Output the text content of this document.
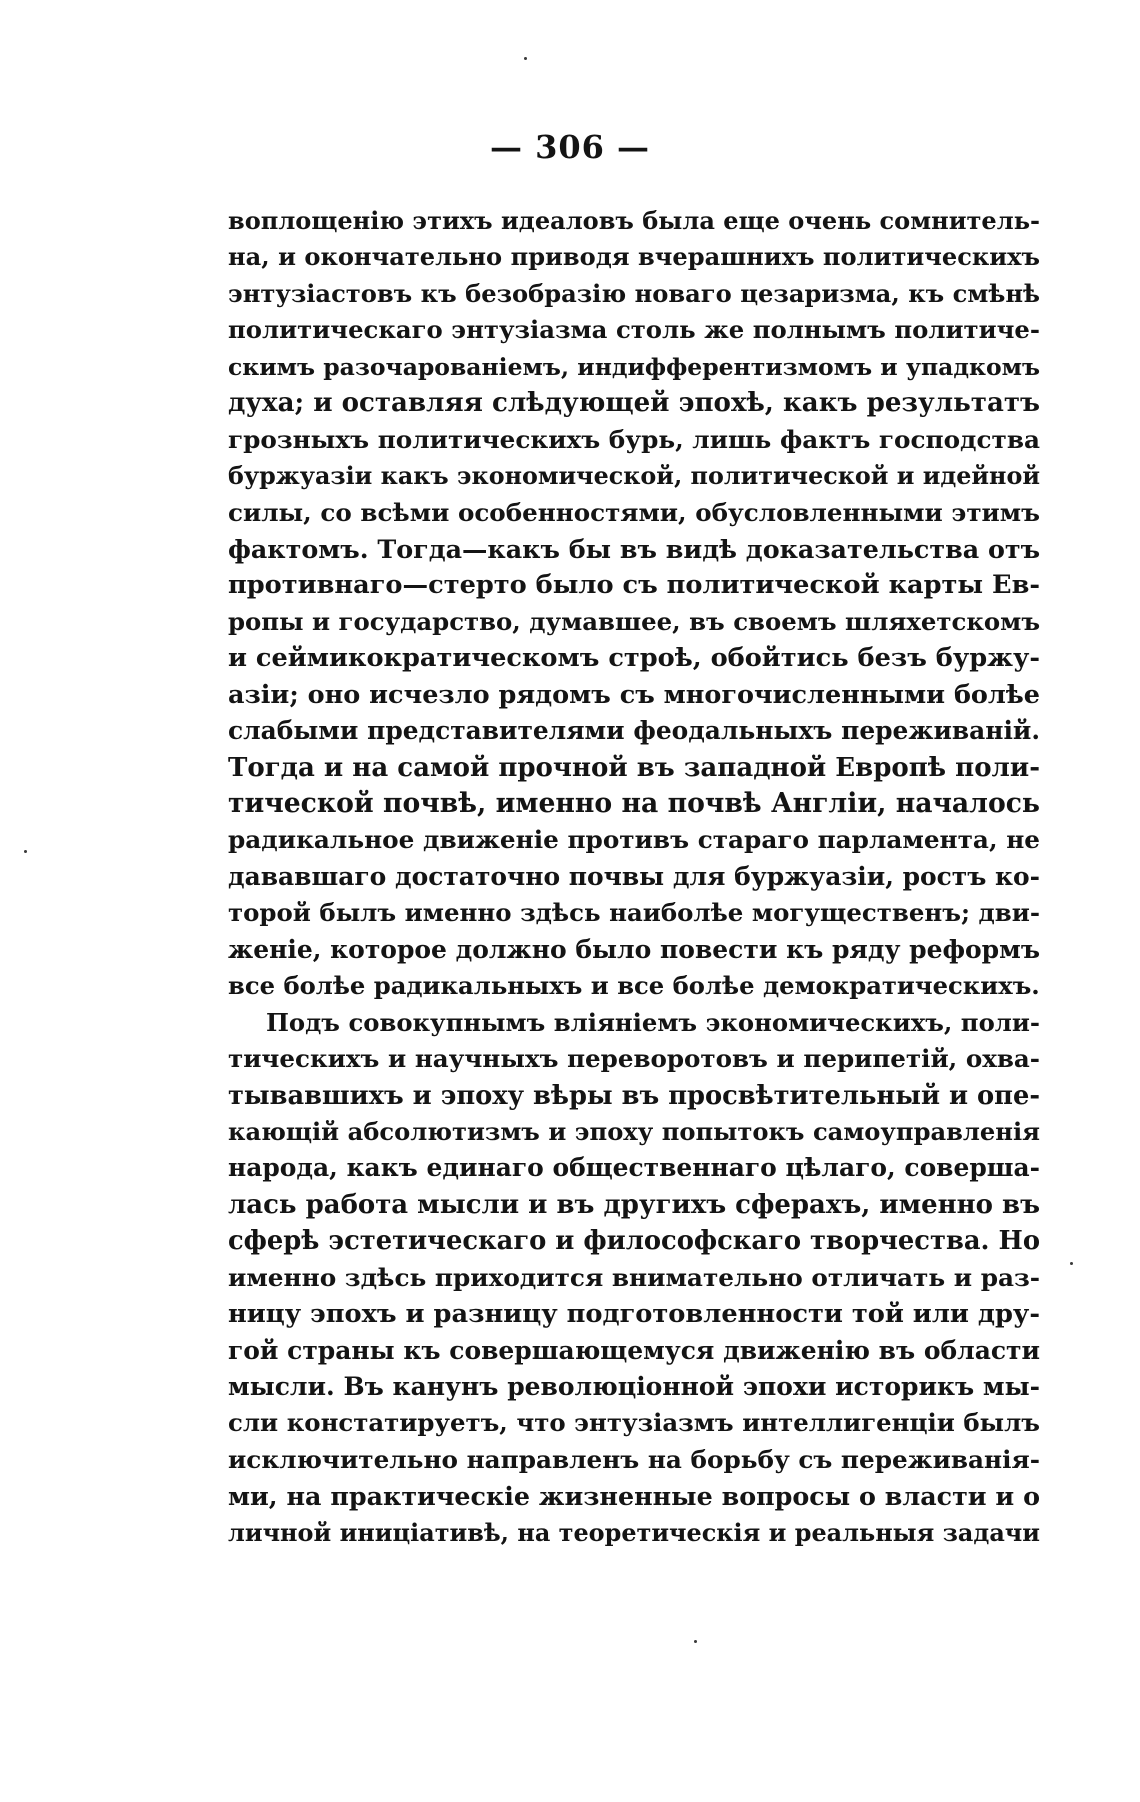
— 306 —
воплощенію этихъ идеаловъ была еще очень сомнитель-
на, и окончательно приводя вчерашнихъ политическихъ
энтузіастовъ къ безобразію новаго цезаризма, къ смѣнѣ
политическаго энтузіазма столь же полнымъ политиче-
скимъ разочарованіемъ, индифферентизмомъ и упадкомъ
духа; и оставляя слѣдующей эпохѣ, какъ результатъ
грозныхъ политическихъ бурь, лишь фактъ господства
буржуазіи какъ экономической, политической и идейной
силы, со всѣми особенностями, обусловленными этимъ
фактомъ. Тогда—какъ бы въ видѣ доказательства отъ
противнаго—стерто было съ политической карты Ев-
ропы и государство, думавшее, въ своемъ шляхетскомъ
и сеймикократическомъ строѣ, обойтись безъ буржу-
азіи; оно исчезло рядомъ съ многочисленными болѣе
слабыми представителями феодальныхъ переживаній.
Тогда и на самой прочной въ западной Европѣ поли-
тической почвѣ, именно на почвѣ Англіи, началось
радикальное движеніе противъ стараго парламента, не
дававшаго достаточно почвы для буржуазіи, ростъ ко-
торой былъ именно здѣсь наиболѣе могущественъ; дви-
женіе, которое должно было повести къ ряду реформъ
все болѣе радикальныхъ и все болѣе демократическихъ.
Подъ совокупнымъ вліяніемъ экономическихъ, поли-
тическихъ и научныхъ переворотовъ и перипетій, охва-
тывавшихъ и эпоху вѣры въ просвѣтительный и опе-
кающій абсолютизмъ и эпоху попытокъ самоуправленія
народа, какъ единаго общественнаго цѣлаго, соверша-
лась работа мысли и въ другихъ сферахъ, именно въ
сферѣ эстетическаго и философскаго творчества. Но
именно здѣсь приходится внимательно отличать и раз-
ницу эпохъ и разницу подготовленности той или дру-
гой страны къ совершающемуся движенію въ области
мысли. Въ канунъ революціонной эпохи историкъ мы-
сли констатируетъ, что энтузіазмъ интеллигенціи былъ
исключительно направленъ на борьбу съ переживанія-
ми, на практическіе жизненные вопросы о власти и о
личной иниціативѣ, на теоретическія и реальныя задачи
